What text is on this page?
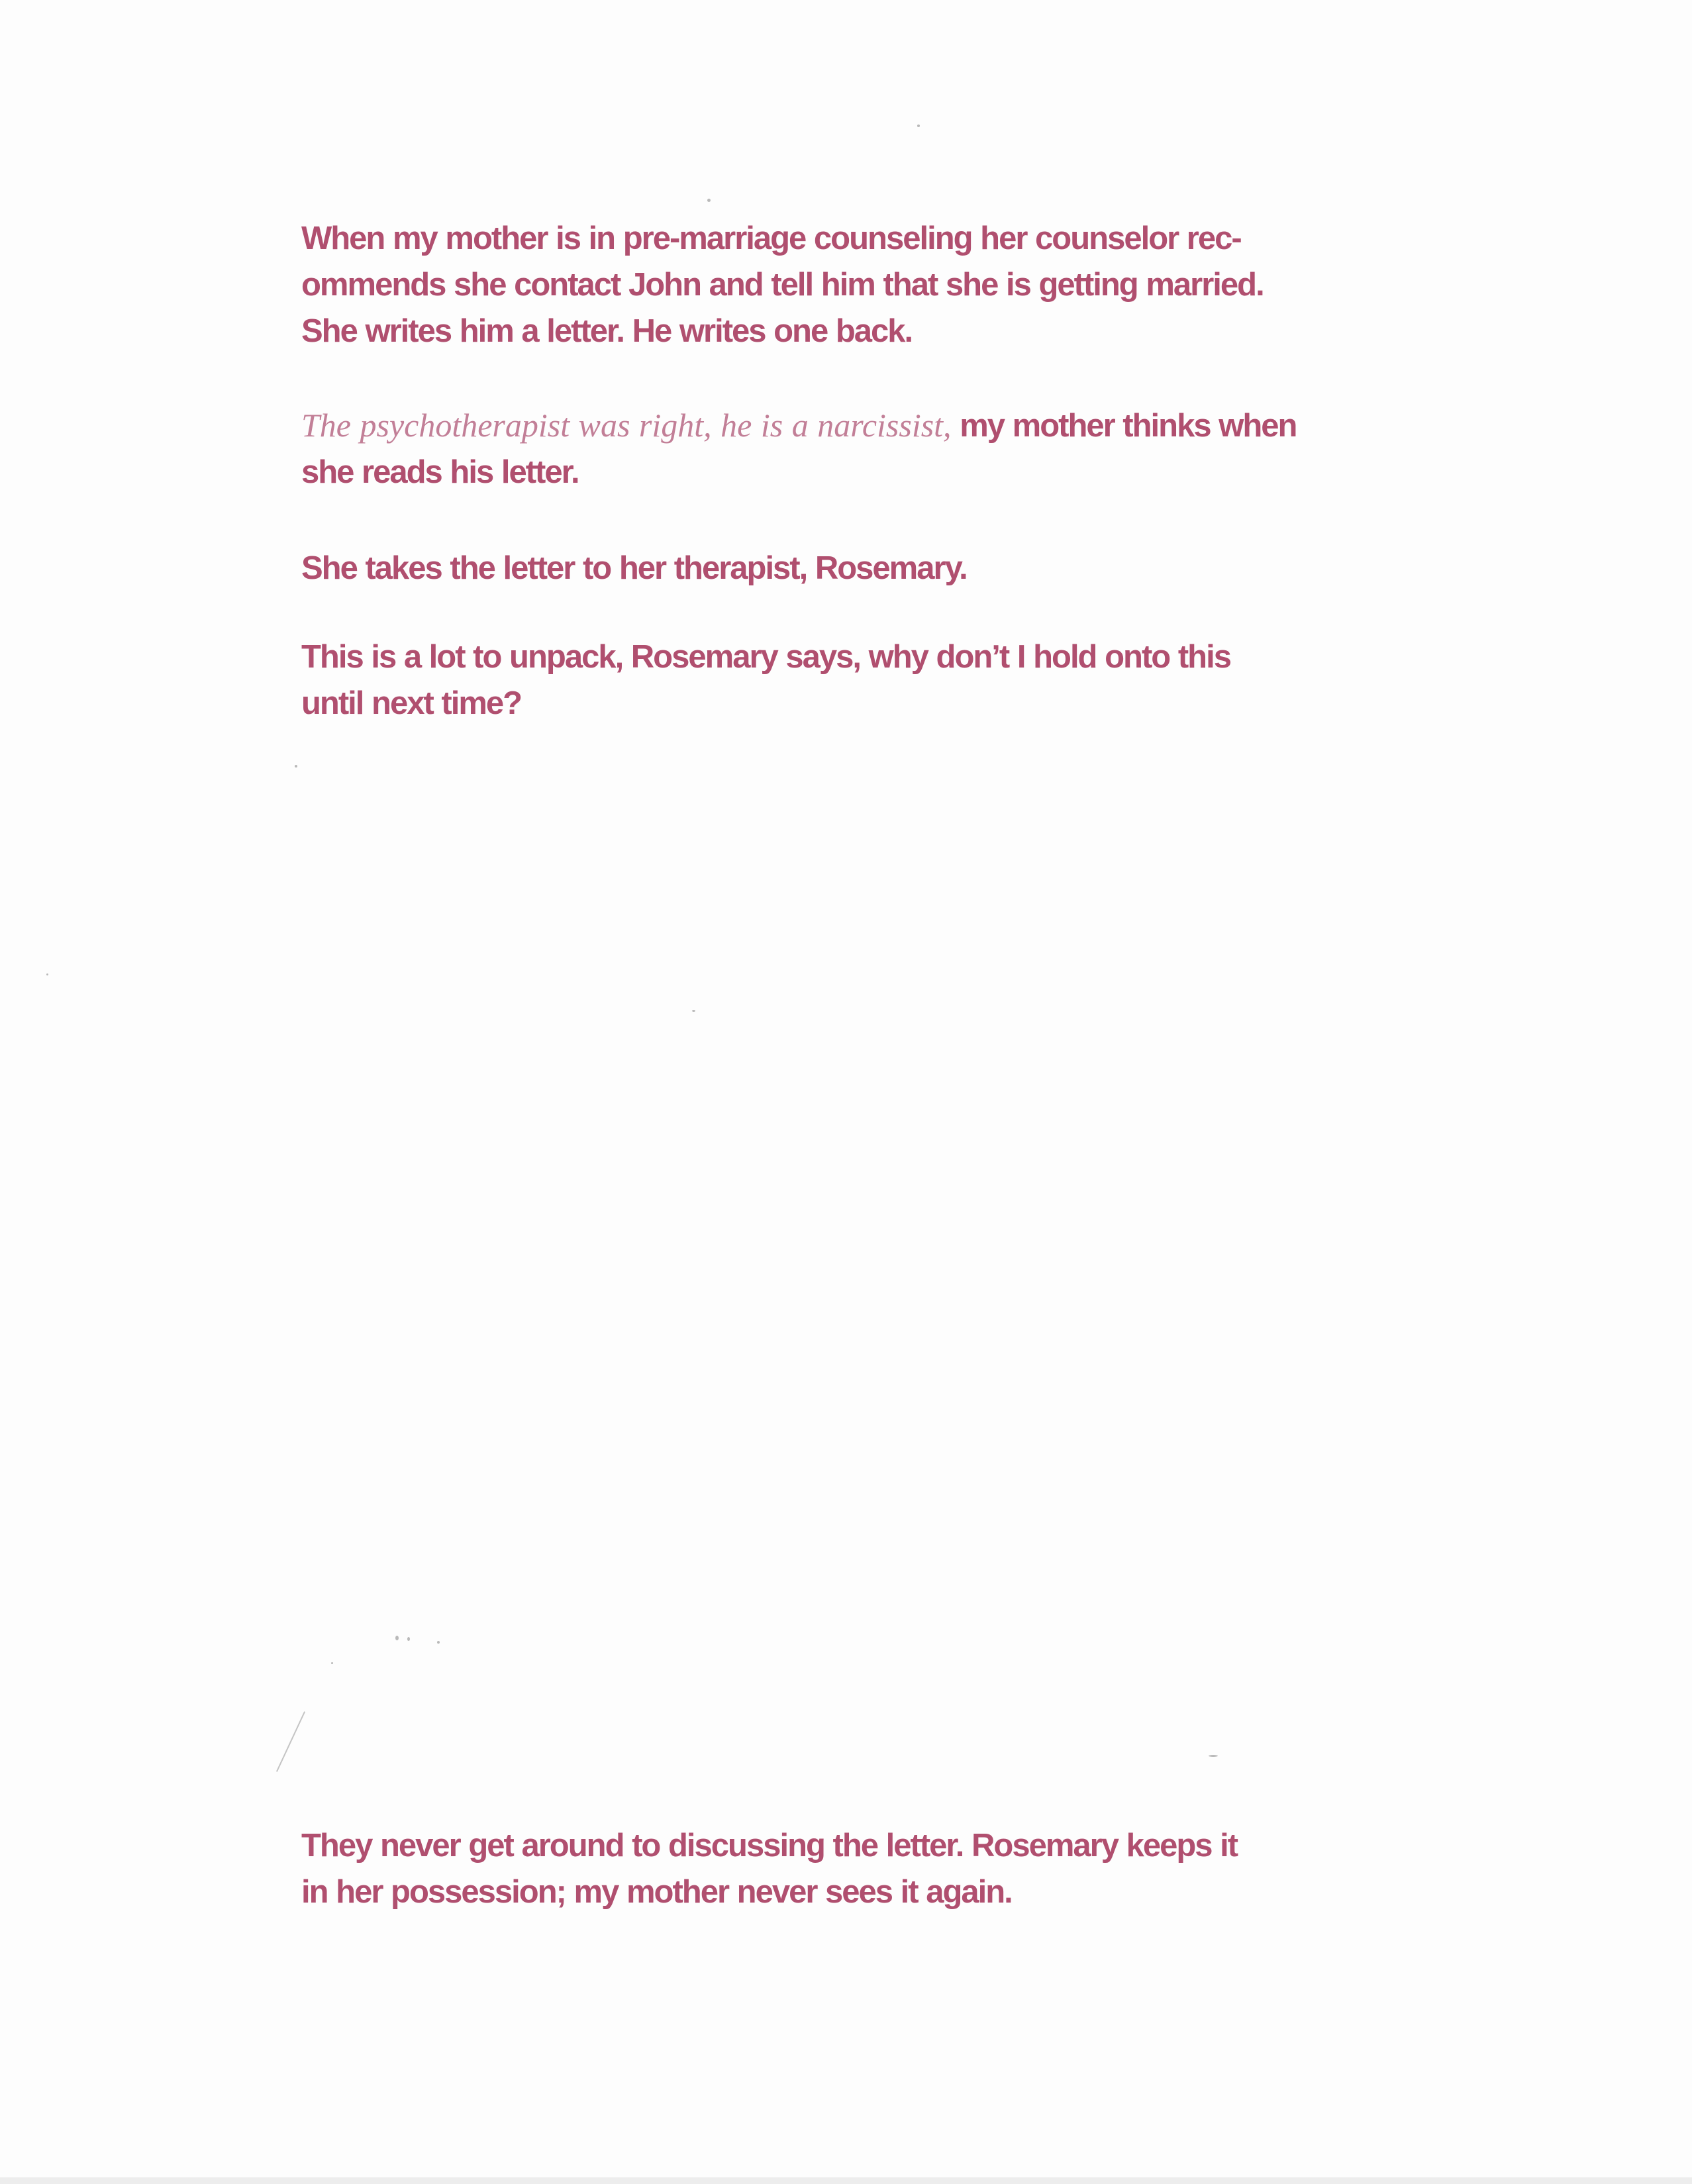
When my mother is in pre-marriage counseling her counselor rec-
ommends she contact John and tell him that she is getting married.
She writes him a letter. He writes one back.

The psychotherapist was right, he is a narcissist, my mother thinks when
she reads his letter.

She takes the letter to her therapist, Rosemary.

This is a lot to unpack, Rosemary says, why don’t I hold onto this
until next time?

They never get around to discussing the letter. Rosemary keeps it
in her possession; my mother never sees it again.
